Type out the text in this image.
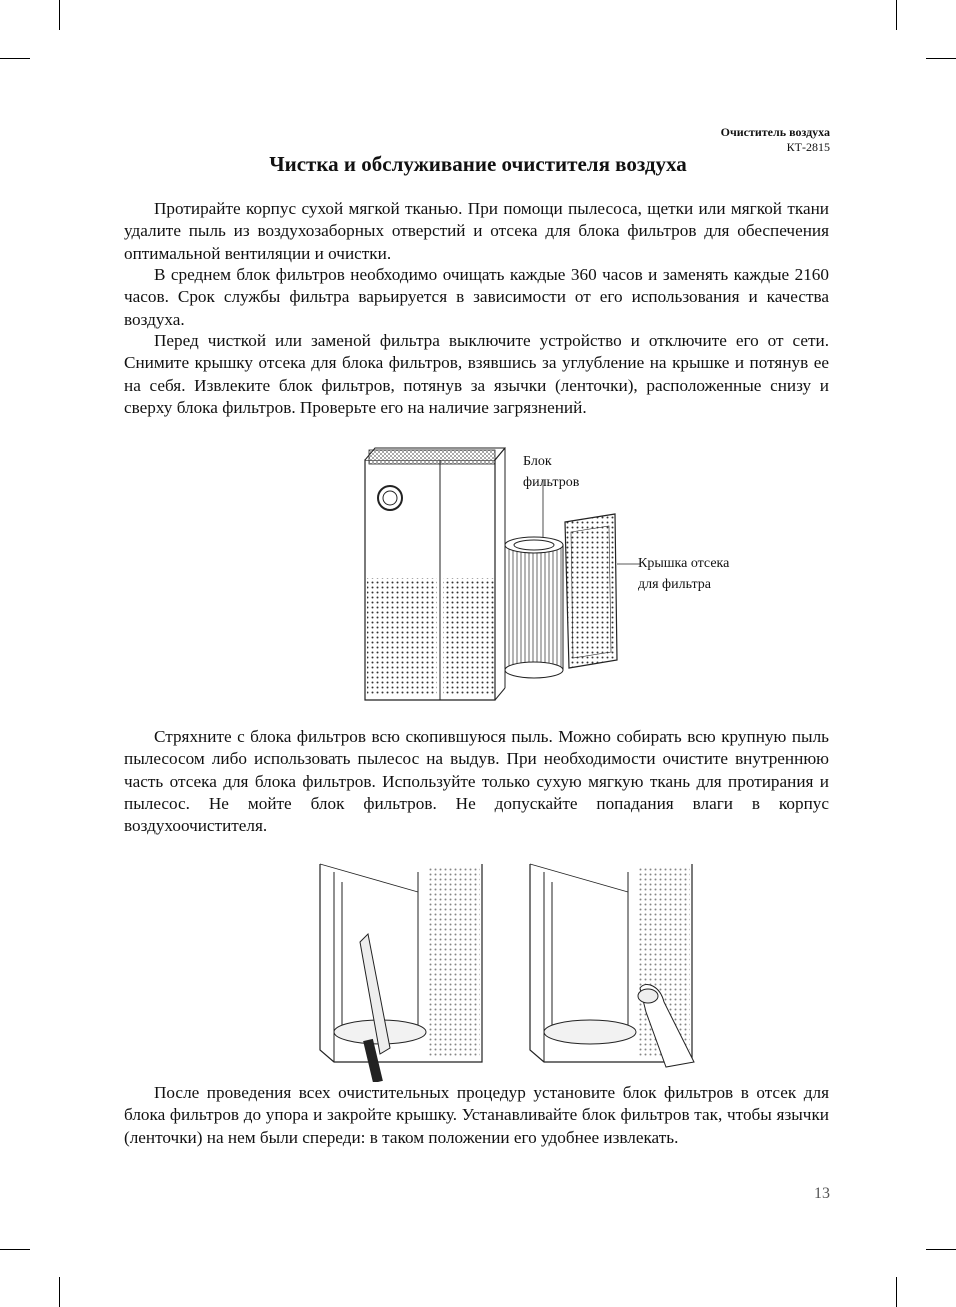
Очиститель воздуха
КТ-2815
Чистка и обслуживание очистителя воздуха

Протирайте корпус сухой мягкой тканью. При помощи пылесоса, щетки или мягкой ткани удалите пыль из воздухозаборных отверстий и отсека для блока фильтров для обеспечения оптимальной вентиляции и очистки.

В среднем блок фильтров необходимо очищать каждые 360 часов и заменять каждые 2160 часов. Срок службы фильтра варьируется в зависимости от его использования и качества воздуха.

Перед чисткой или заменой фильтра выключите устройство и отключите его от сети. Снимите крышку отсека для блока фильтров, взявшись за углубление на крышке и потянув ее на себя. Извлеките блок фильтров, потянув за язычки (ленточки), расположенные снизу и сверху блока фильтров. Проверьте его на наличие загрязнений.

Блок
фильтров
Крышка отсека
для фильтра

Стряхните с блока фильтров всю скопившуюся пыль. Можно собирать всю крупную пыль пылесосом либо использовать пылесос на выдув. При необходимости очистите внутреннюю часть отсека для блока фильтров. Используйте только сухую мягкую ткань для протирания и пылесос. Не мойте блок фильтров. Не допускайте попадания влаги в корпус воздухоочистителя.

После проведения всех очистительных процедур установите блок фильтров в отсек для блока фильтров до упора и закройте крышку. Устанавливайте блок фильтров так, чтобы язычки (ленточки) на нем были спереди: в таком положении его удобнее извлекать.

13
